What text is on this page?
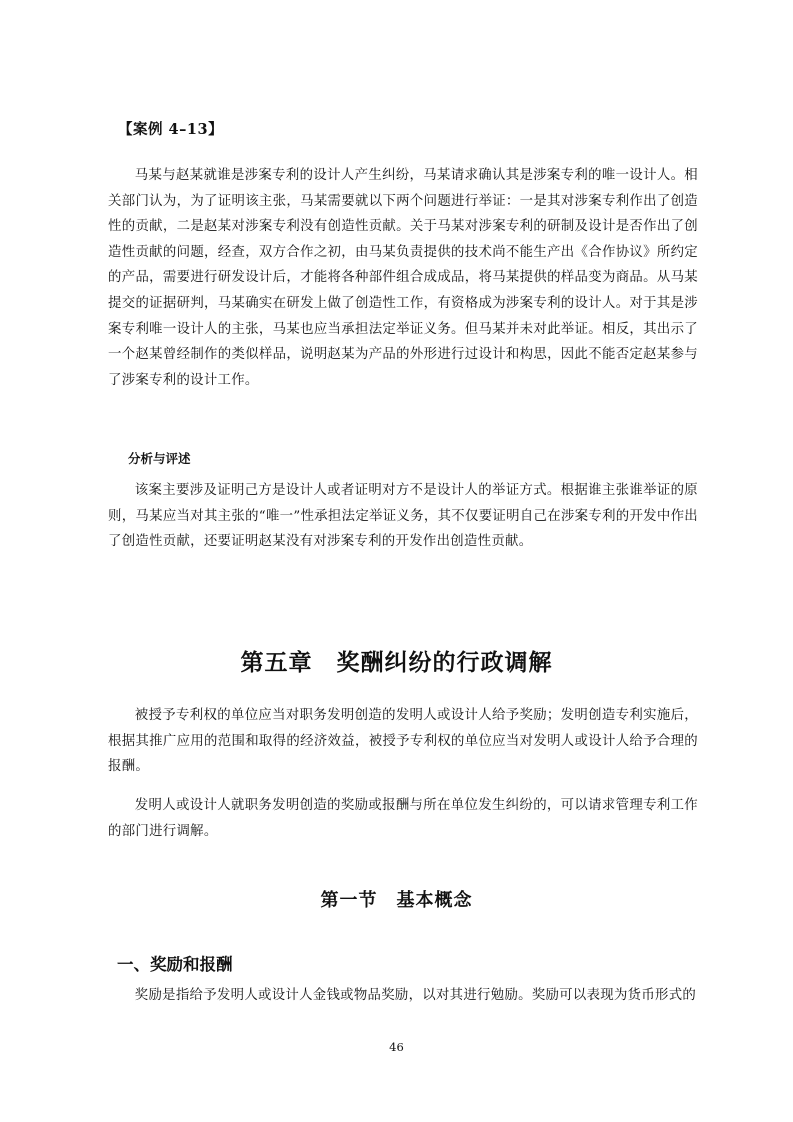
【案例 4–13】

马某与赵某就谁是涉案专利的设计人产生纠纷，马某请求确认其是涉案专利的唯一设计人。相关部门认为，为了证明该主张，马某需要就以下两个问题进行举证：一是其对涉案专利作出了创造性的贡献，二是赵某对涉案专利没有创造性贡献。关于马某对涉案专利的研制及设计是否作出了创造性贡献的问题，经查，双方合作之初，由马某负责提供的技术尚不能生产出《合作协议》所约定的产品，需要进行研发设计后，才能将各种部件组合成成品，将马某提供的样品变为商品。从马某提交的证据研判，马某确实在研发上做了创造性工作，有资格成为涉案专利的设计人。对于其是涉案专利唯一设计人的主张，马某也应当承担法定举证义务。但马某并未对此举证。相反，其出示了一个赵某曾经制作的类似样品，说明赵某为产品的外形进行过设计和构思，因此不能否定赵某参与了涉案专利的设计工作。

分析与评述

该案主要涉及证明己方是设计人或者证明对方不是设计人的举证方式。根据谁主张谁举证的原则，马某应当对其主张的“唯一”性承担法定举证义务，其不仅要证明自己在涉案专利的开发中作出了创造性贡献，还要证明赵某没有对涉案专利的开发作出创造性贡献。

第五章　奖酬纠纷的行政调解

被授予专利权的单位应当对职务发明创造的发明人或设计人给予奖励；发明创造专利实施后，根据其推广应用的范围和取得的经济效益，被授予专利权的单位应当对发明人或设计人给予合理的报酬。

发明人或设计人就职务发明创造的奖励或报酬与所在单位发生纠纷的，可以请求管理专利工作的部门进行调解。

第一节　基本概念
一、奖励和报酬

奖励是指给予发明人或设计人金钱或物品奖励，以对其进行勉励。奖励可以表现为货币形式的

46
